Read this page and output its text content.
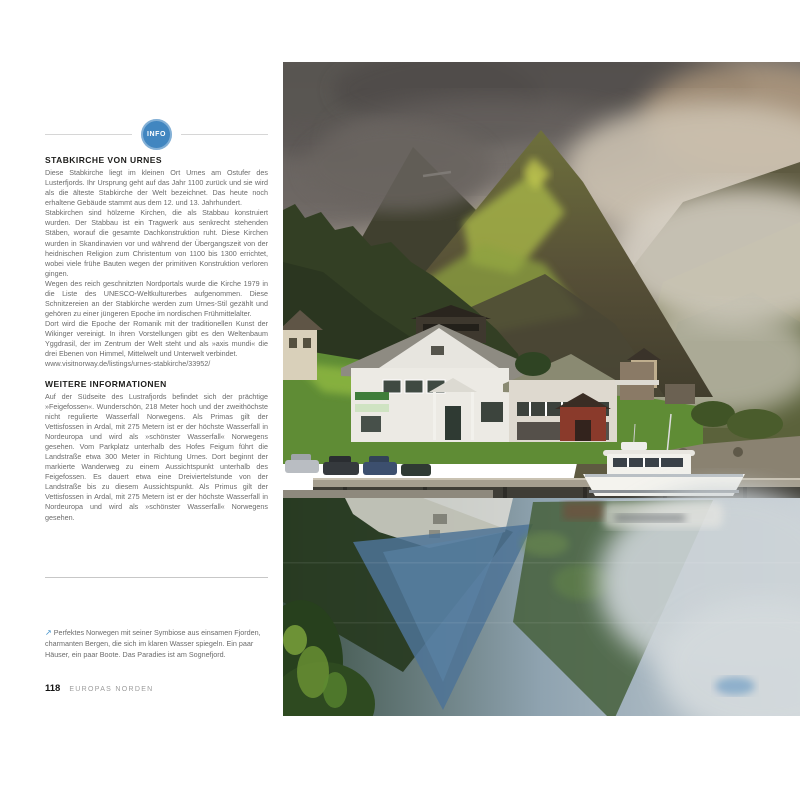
INFO
STABKIRCHE VON URNES

Diese Stabkirche liegt im kleinen Ort Urnes am Ostufer des Lusterfjords. Ihr Ursprung geht auf das Jahr 1100 zurück und sie wird als die älteste Stabkirche der Welt bezeichnet. Das heute noch erhaltene Gebäude stammt aus dem 12. und 13. Jahrhundert.

Stabkirchen sind hölzerne Kirchen, die als Stabbau konstruiert wurden. Der Stabbau ist ein Tragwerk aus senkrecht stehenden Stäben, worauf die gesamte Dachkonstruktion ruht. Diese Kirchen wurden in Skandinavien vor und während der Übergangszeit von der heidnischen Religion zum Christentum von 1100 bis 1300 errichtet, wobei viele frühe Bauten wegen der primitiven Konstruktion verloren gingen.

Wegen des reich geschnitzten Nordportals wurde die Kirche 1979 in die Liste des UNESCO-Weltkulturerbes aufgenommen. Diese Schnitzereien an der Stabkirche werden zum Urnes-Stil gezählt und gehören zu einer jüngeren Epoche im nordischen Frühmittelalter.

Dort wird die Epoche der Romanik mit der traditionellen Kunst der Wikinger vereinigt. In ihren Vorstellungen gibt es den Weltenbaum Yggdrasil, der im Zentrum der Welt steht und als »axis mundi« die drei Ebenen von Himmel, Mittelwelt und Unterwelt verbindet.

www.visitnorway.de/listings/urnes-stabkirche/33952/
WEITERE INFORMATIONEN

Auf der Südseite des Lustrafjords befindet sich der prächtige »Feigefossen«. Wunderschön, 218 Meter hoch und der zweithöchste nicht regulierte Wasserfall Norwegens. Als Primas gilt der Vettisfossen in Ardal, mit 275 Metern ist er der höchste Wasserfall in Nordeuropa und wird als »schönster Wasserfall« Norwegens gesehen. Vom Parkplatz unterhalb des Hofes Feigum führt die Landstraße etwa 300 Meter in Richtung Urnes. Dort beginnt der markierte Wanderweg zu einem Aussichtspunkt unterhalb des Feigefossen. Es dauert etwa eine Dreiviertelstunde von der Landstraße bis zu diesem Aussichtspunkt. Als Primus gilt der Vettisfossen in Ardal, mit 275 Metern ist er der höchste Wasserfall in Nordeuropa und wird als »schönster Wasserfall« Norwegens gesehen.

↗ Perfektes Norwegen mit seiner Symbiose aus einsamen Fjorden, charmanten Bergen, die sich im klaren Wasser spiegeln. Ein paar Häuser, ein paar Boote. Das Paradies ist am Sognefjord.
118 EUROPAS NORDEN
